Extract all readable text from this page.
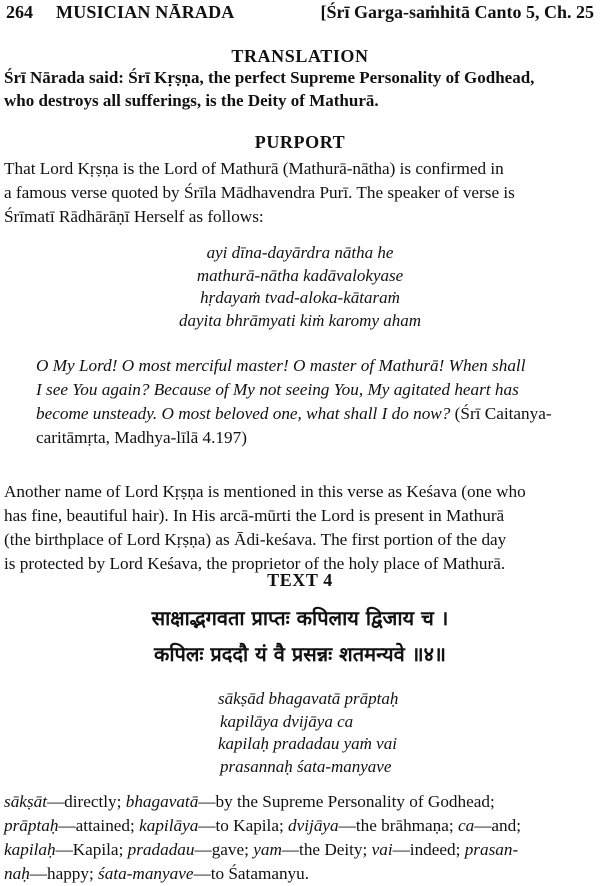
264 MUSICIAN NĀRADA	[Śrī Garga-saṁhitā Canto 5, Ch. 25
TRANSLATION
Śrī Nārada said: Śrī Kṛṣṇa, the perfect Supreme Personality of Godhead,
who destroys all sufferings, is the Deity of Mathurā.
PURPORT
That Lord Kṛṣṇa is the Lord of Mathurā (Mathurā-nātha) is confirmed in
a famous verse quoted by Śrīla Mādhavendra Purī. The speaker of verse is
Śrīmatī Rādhārāṇī Herself as follows:
ayi dīna-dayārdra nātha he
mathurā-nātha kadāvalokyase
hṛdayaṁ tvad-aloka-kātaraṁ
dayita bhrāmyati kiṁ karomy aham
O My Lord! O most merciful master! O master of Mathurā! When shall
I see You again? Because of My not seeing You, My agitated heart has
become unsteady. O most beloved one, what shall I do now? (Śrī Caitanya-
caritāmṛta, Madhya-līlā 4.197)
Another name of Lord Kṛṣṇa is mentioned in this verse as Keśava (one who
has fine, beautiful hair). In His arcā-mūrti the Lord is present in Mathurā
(the birthplace of Lord Kṛṣṇa) as Ādi-keśava. The first portion of the day
is protected by Lord Keśava, the proprietor of the holy place of Mathurā.
TEXT 4
साक्षाद्भगवता प्राप्तः कपिलाय द्विजाय च ।
कपिलः प्रददौ यं वै प्रसन्नः शतमन्यवे ॥४॥
sākṣād bhagavatā prāptaḥ
kapilāya dvijāya ca
kapilaḥ pradadau yaṁ vai
prasannaḥ śata-manyave
sākṣāt—directly; bhagavatā—by the Supreme Personality of Godhead;
prāptaḥ—attained; kapilāya—to Kapila; dvijāya—the brāhmaṇa; ca—and;
kapilaḥ—Kapila; pradadau—gave; yam—the Deity; vai—indeed; prasan-
naḥ—happy; śata-manyave—to Śatamanyu.
